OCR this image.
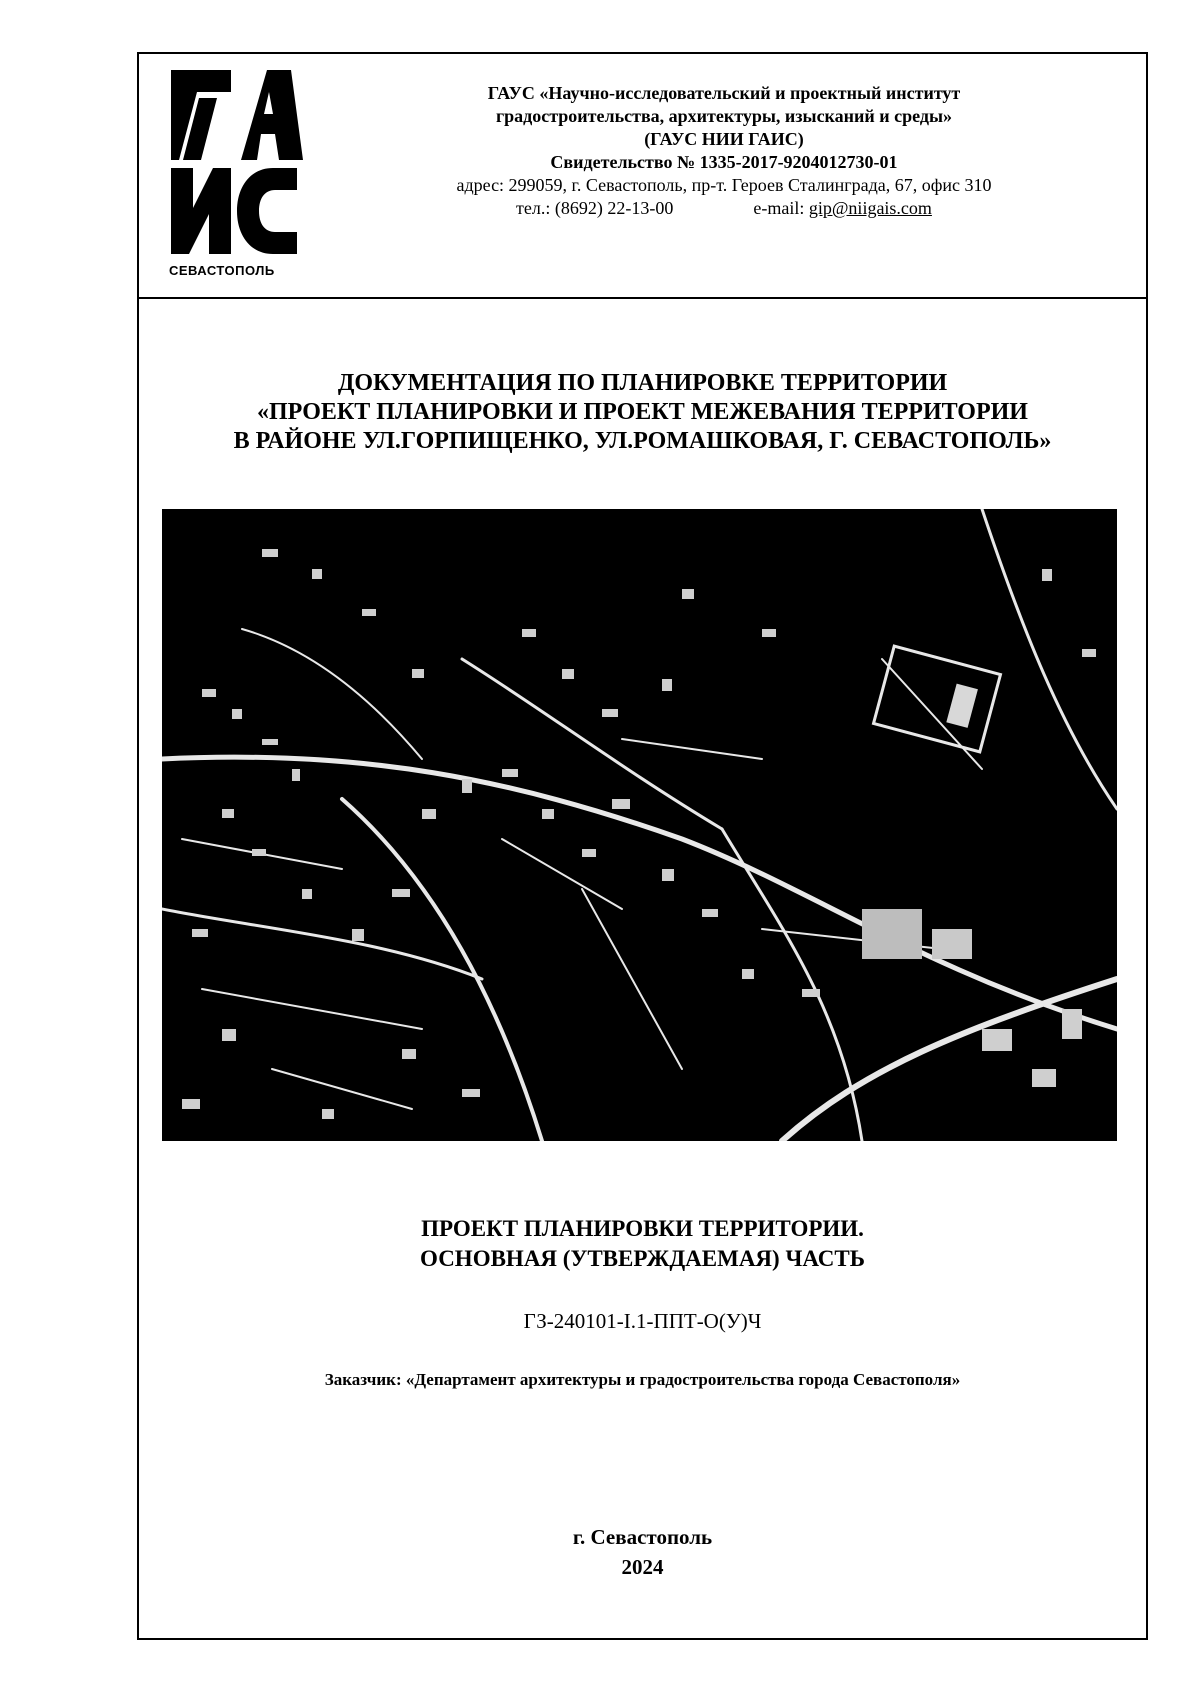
СЕВАСТОПОЛЬ
ГАУС «Научно-исследовательский и проектный институт
градостроительства, архитектуры, изысканий и среды»
(ГАУС НИИ ГАИС)
Свидетельство № 1335-2017-9204012730-01
адрес: 299059, г. Севастополь, пр-т. Героев Сталинграда, 67, офис 310
тел.: (8692) 22-13-00	e-mail: gip@niigais.com
ДОКУМЕНТАЦИЯ ПО ПЛАНИРОВКЕ ТЕРРИТОРИИ
«ПРОЕКТ ПЛАНИРОВКИ И ПРОЕКТ МЕЖЕВАНИЯ ТЕРРИТОРИИ
В РАЙОНЕ УЛ.ГОРПИЩЕНКО, УЛ.РОМАШКОВАЯ, Г. СЕВАСТОПОЛЬ»
ПРОЕКТ ПЛАНИРОВКИ ТЕРРИТОРИИ.
ОСНОВНАЯ (УТВЕРЖДАЕМАЯ) ЧАСТЬ
ГЗ-240101-I.1-ППТ-О(У)Ч
Заказчик: «Департамент архитектуры и градостроительства города Севастополя»
г. Севастополь
2024
